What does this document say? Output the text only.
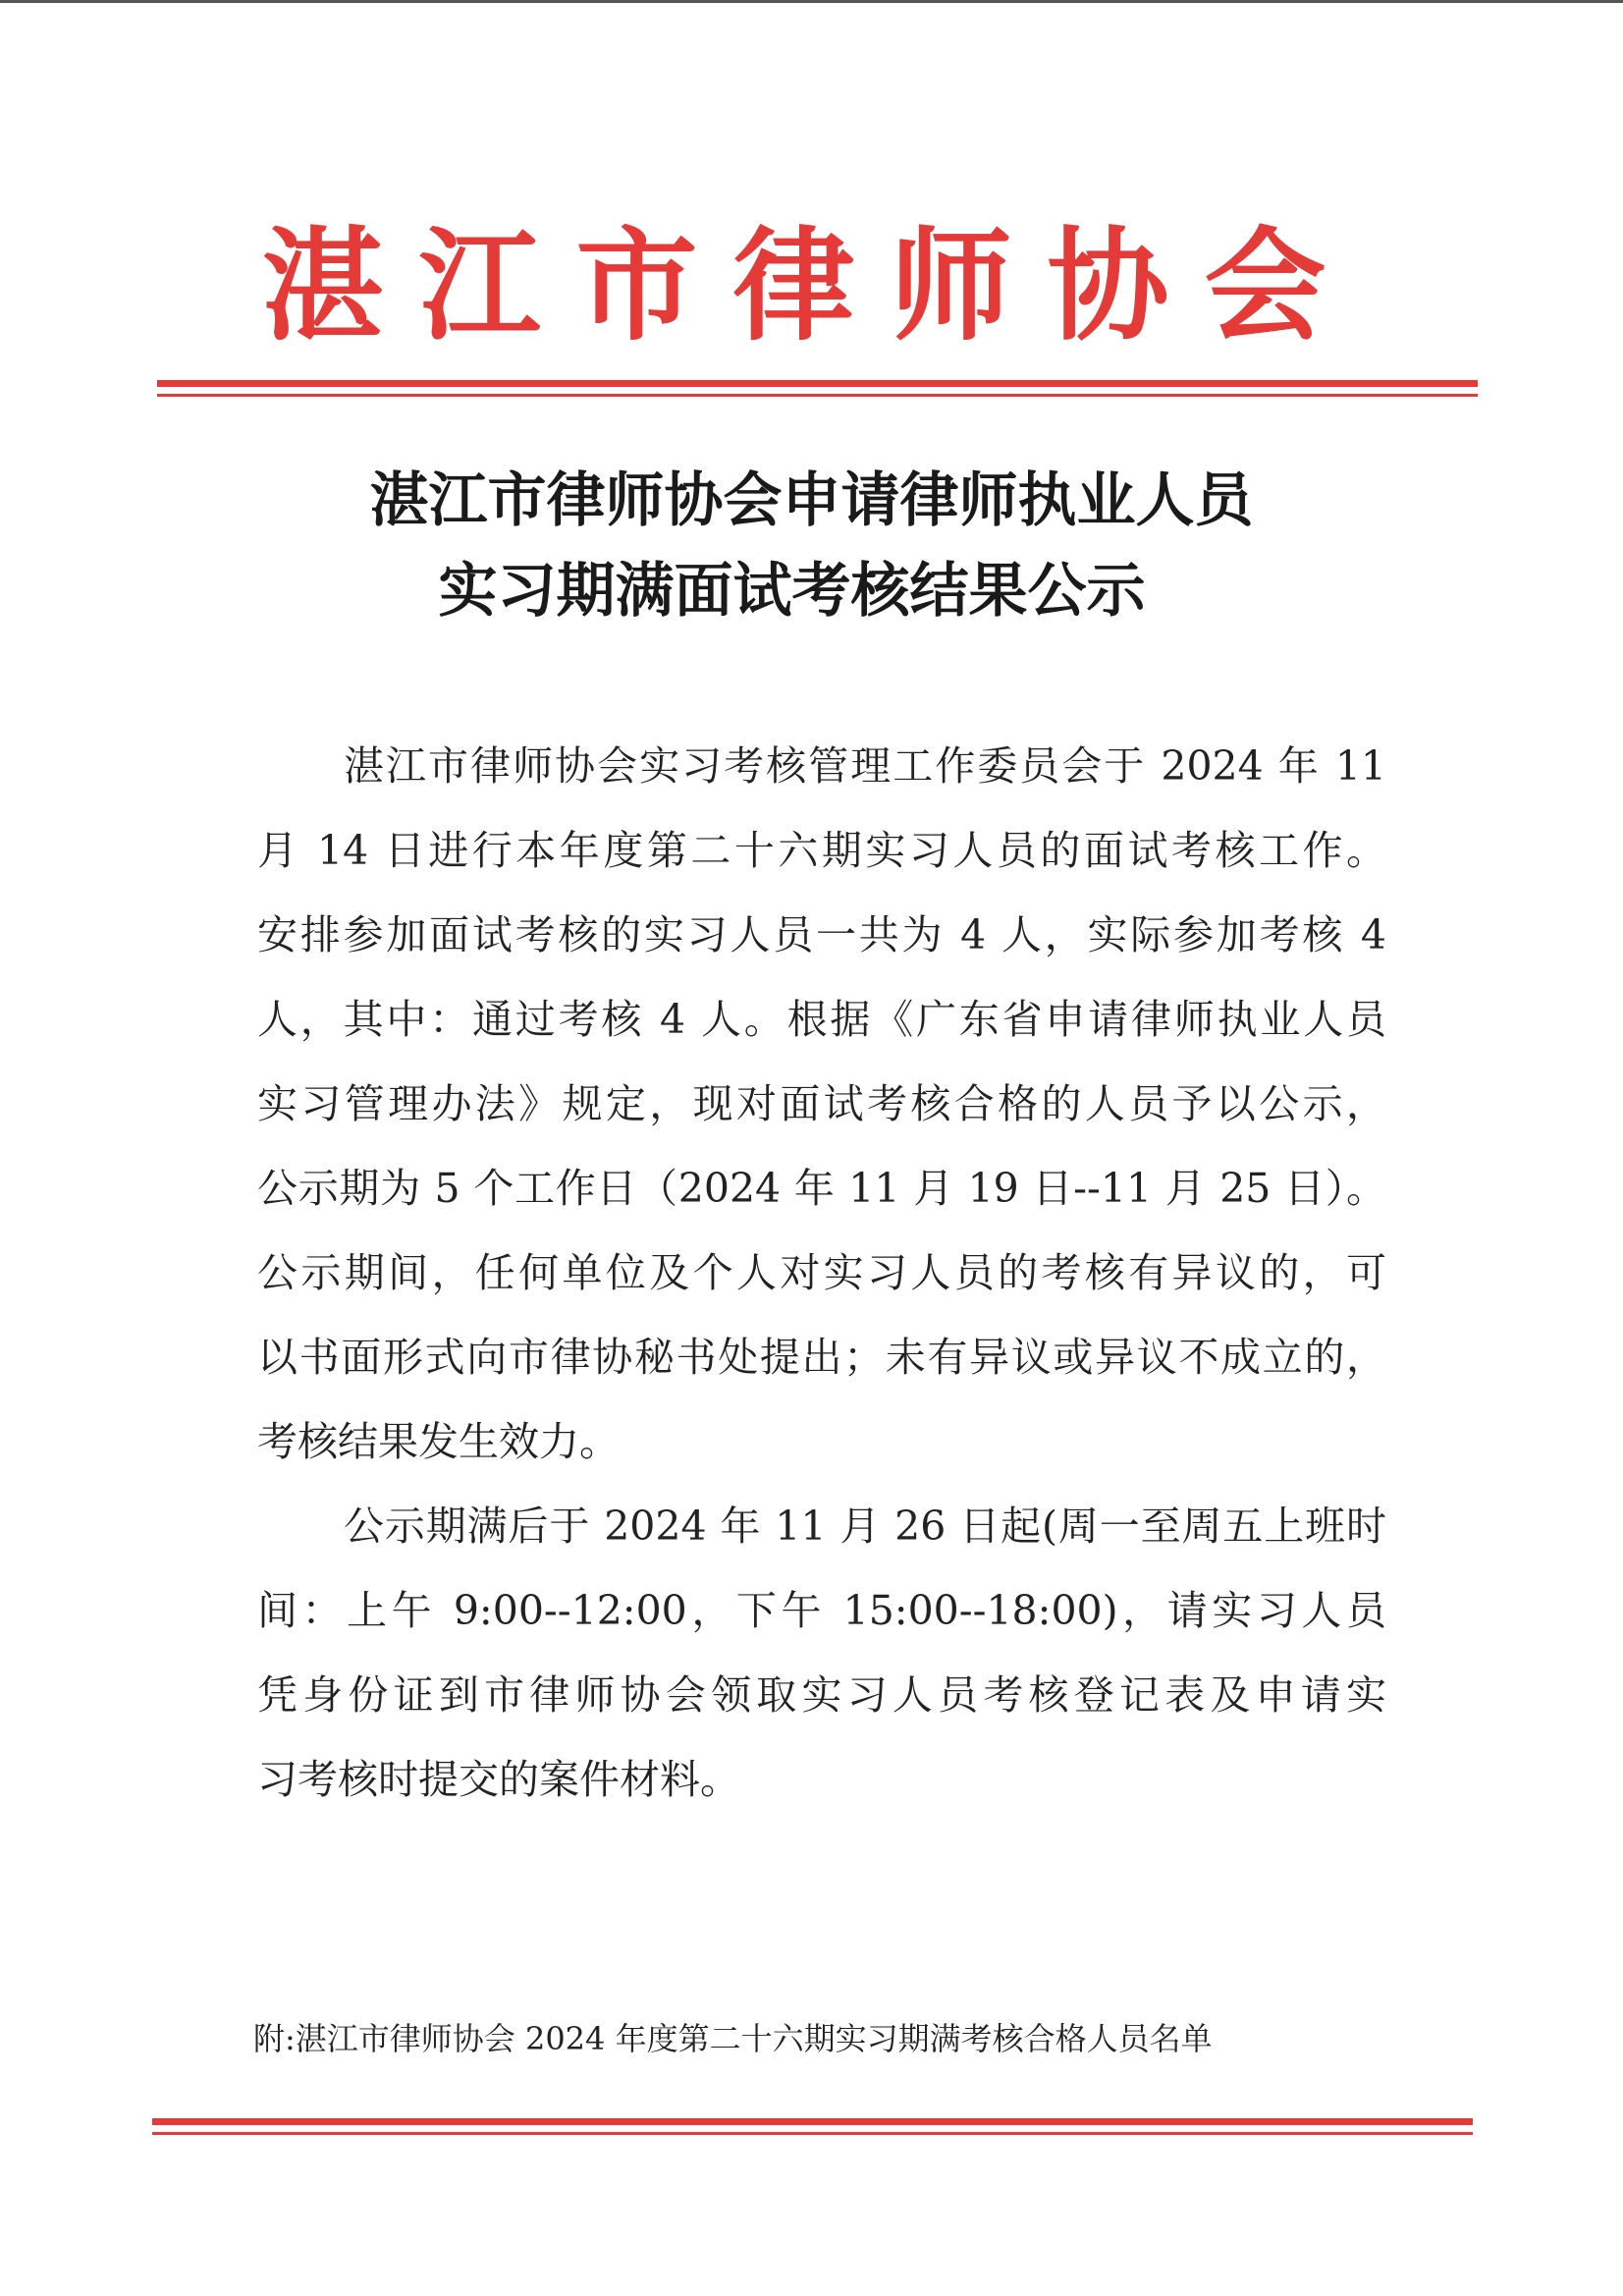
湛江市律师协会
湛江市律师协会申请律师执业人员
实习期满面试考核结果公示
湛江市律师协会实习考核管理工作委员会于 2024 年 11
月 14 日进行本年度第二十六期实习人员的面试考核工作。
安排参加面试考核的实习人员一共为 4 人，实际参加考核 4
人，其中：通过考核 4 人。根据《广东省申请律师执业人员
实习管理办法》规定，现对面试考核合格的人员予以公示，
公示期为 5 个工作日（2024 年 11 月 19 日--11 月 25 日）。
公示期间，任何单位及个人对实习人员的考核有异议的，可
以书面形式向市律协秘书处提出；未有异议或异议不成立的，
考核结果发生效力。
公示期满后于 2024 年 11 月 26 日起(周一至周五上班时
间：上午 9:00--12:00，下午 15:00--18:00)，请实习人员
凭身份证到市律师协会领取实习人员考核登记表及申请实
习考核时提交的案件材料。
附:湛江市律师协会 2024 年度第二十六期实习期满考核合格人员名单
